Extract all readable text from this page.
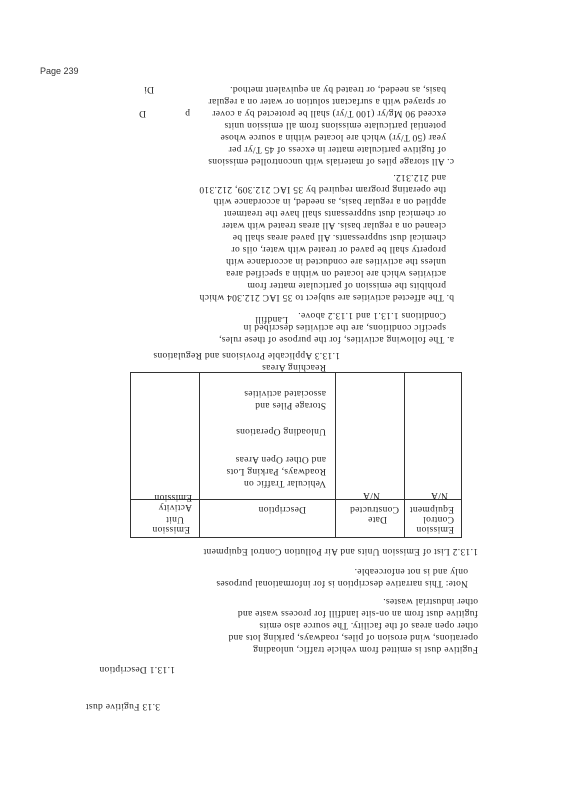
Page 239
3.13 Fugitive dust
1.13.1 Description
Fugitive dust is emitted from vehicle traffic, unloading
operations, wind erosion of piles, roadways, parking lots and
other open areas of the facility. The source also emits
fugitive dust from an on-site landfill for process waste and
other industrial wastes.
Note: This narrative description is for informational purposes
only and is not enforceable.
1.13.2 List of Emission Units and Air Pollution Control Equipment
Emission
Control
Equipment
Date
Constructed
Description
Emission
Unit
Activity
Emission	N/A
N/A
Vehicular Traffic on
Roadways, Parking Lots
and Other Open Areas
Unloading Operations
Storage Piles and
associated activities
Reaching Areas
Landfill
1.13.3 Applicable Provisions and Regulations
a. The following activities, for the purpose of these rules,
specific conditions, are the activities described in
Conditions 1.13.1 and 1.13.2 above.
b. The affected activities are subject to 35 IAC 212.304 which
prohibits the emission of particulate matter from
activities which are located on within a specified area
unless the activities are conducted in accordance with
property shall be paved or treated with water, oils or
chemical dust suppressants. All paved areas shall be
cleaned on a regular basis. All areas treated with water
or chemical dust suppressants shall have the treatment
applied on a regular basis, as needed, in accordance with
the operating program required by 35 IAC 212.309, 212.310
and 212.312.
c. All storage piles of materials with uncontrolled emissions
of fugitive particulate matter in excess of 45 T/yr per
year (50 T/yr) which are located within a source whose
potential particulate emissions from all emission units
exceed 90 Mg/yr (100 T/yr) shall be protected by a cover
or sprayed with a surfactant solution or water on a regular
basis, as needed, or treated by an equivalent method.
D	p
Di
